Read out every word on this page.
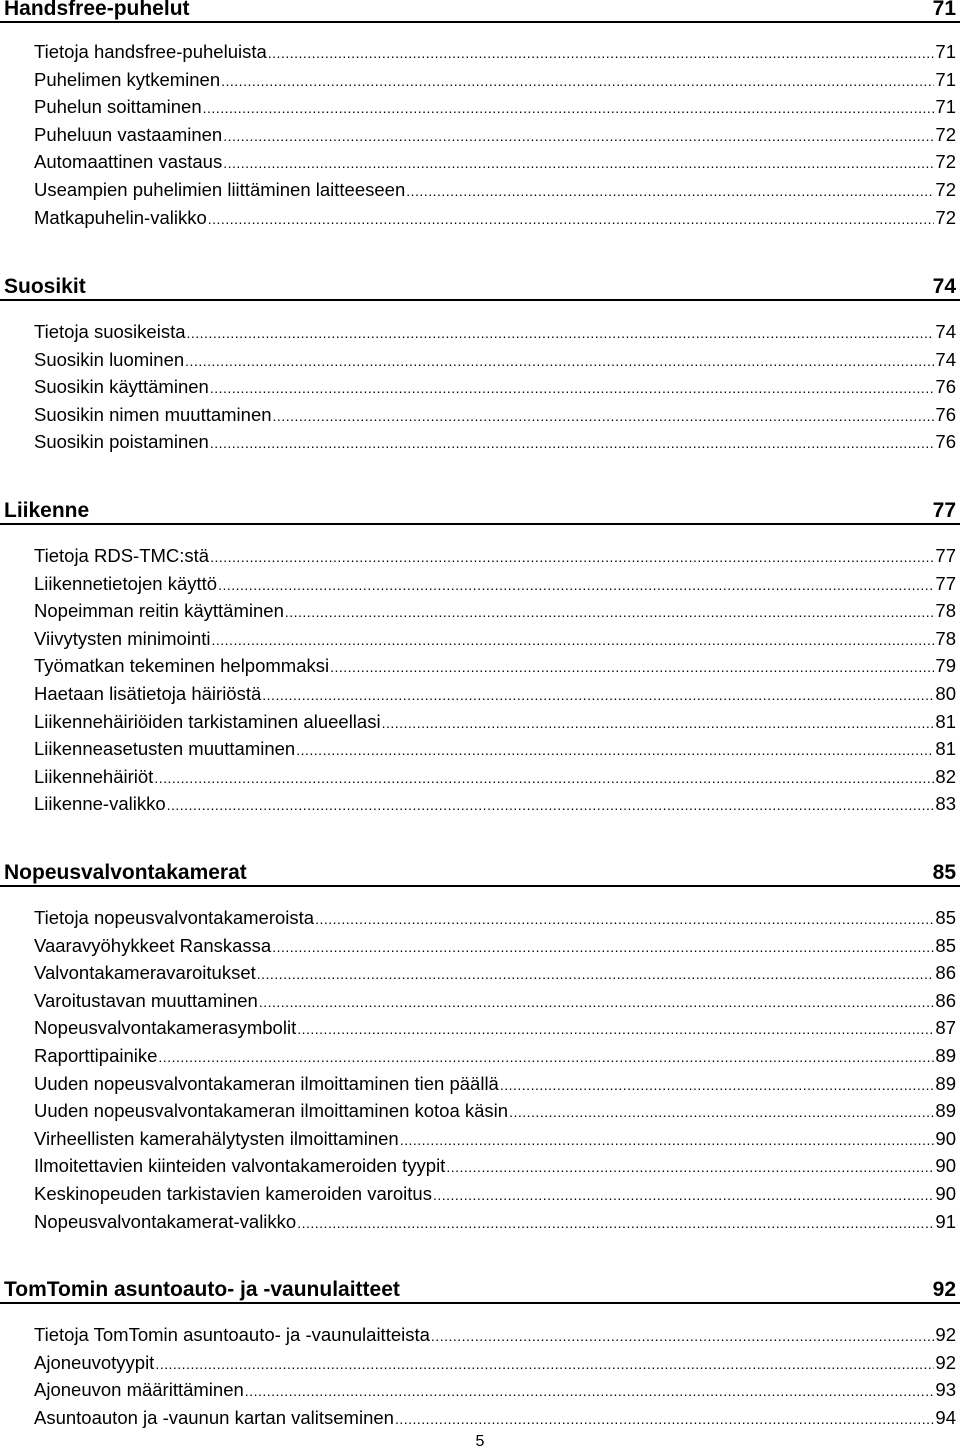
Handsfree-puhelut	71
Tietoja handsfree-puheluista .....	71
Puhelimen kytkeminen .....	71
Puhelun soittaminen .....	71
Puheluun vastaaminen .....	72
Automaattinen vastaus .....	72
Useampien puhelimien liittäminen laitteeseen .....	72
Matkapuhelin-valikko .....	72
Suosikit	74
Tietoja suosikeista .....	74
Suosikin luominen .....	74
Suosikin käyttäminen .....	76
Suosikin nimen muuttaminen .....	76
Suosikin poistaminen .....	76
Liikenne	77
Tietoja RDS-TMC:stä .....	77
Liikennetietojen käyttö .....	77
Nopeimman reitin käyttäminen .....	78
Viivytysten minimointi .....	78
Työmatkan tekeminen helpommaksi .....	79
Haetaan lisätietoja häiriöstä .....	80
Liikennehäiriöiden tarkistaminen alueellasi .....	81
Liikenneasetusten muuttaminen .....	81
Liikennehäiriöt .....	82
Liikenne-valikko .....	83
Nopeusvalvontakamerat	85
Tietoja nopeusvalvontakameroista .....	85
Vaaravyöhykkeet Ranskassa .....	85
Valvontakameravaroitukset .....	86
Varoitustavan muuttaminen .....	86
Nopeusvalvontakamerasymbolit .....	87
Raporttipainike .....	89
Uuden nopeusvalvontakameran ilmoittaminen tien päällä .....	89
Uuden nopeusvalvontakameran ilmoittaminen kotoa käsin .....	89
Virheellisten kamerahälytysten ilmoittaminen .....	90
Ilmoitettavien kiinteiden valvontakameroiden tyypit .....	90
Keskinopeuden tarkistavien kameroiden varoitus .....	90
Nopeusvalvontakamerat-valikko .....	91
TomTomin asuntoauto- ja -vaunulaitteet	92
Tietoja TomTomin asuntoauto- ja -vaunulaitteista .....	92
Ajoneuvotyypit .....	92
Ajoneuvon määrittäminen .....	93
Asuntoauton ja -vaunun kartan valitseminen .....	94
5
